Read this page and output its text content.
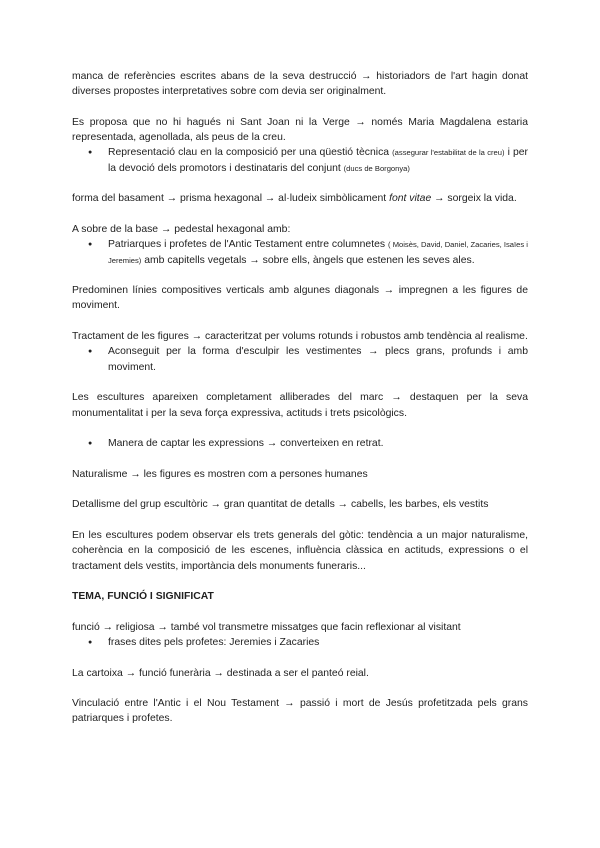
manca de referències escrites abans de la seva destrucció → historiadors de l'art hagin donat diverses propostes interpretatives sobre com devia ser originalment.

Es proposa que no hi hagués ni Sant Joan ni la Verge → només Maria Magdalena estaria representada, agenollada, als peus de la creu.

● Representació clau en la composició per una qüestió tècnica (assegurar l'estabilitat de la creu) i per la devoció dels promotors i destinataris del conjunt (ducs de Borgonya)

forma del basament → prisma hexagonal → al·ludeix simbòlicament font vitae → sorgeix la vida.

A sobre de la base → pedestal hexagonal amb:

● Patriarques i profetes de l'Antic Testament entre columnetes ( Moisès, David, Daniel, Zacaries, Isaïes i Jeremies) amb capitells vegetals → sobre ells, àngels que estenen les seves ales.

Predominen línies compositives verticals amb algunes diagonals → impregnen a les figures de moviment.

Tractament de les figures → caracteritzat per volums rotunds i robustos amb tendència al realisme.

● Aconseguit per la forma d'esculpir les vestimentes → plecs grans, profunds i amb moviment.

Les escultures apareixen completament alliberades del marc → destaquen per la seva monumentalitat i per la seva força expressiva, actituds i trets psicològics.

● Manera de captar les expressions → converteixen en retrat.

Naturalisme → les figures es mostren com a persones humanes

Detallisme del grup escultòric → gran quantitat de detalls → cabells, les barbes, els vestits

En les escultures podem observar els trets generals del gòtic: tendència a un major naturalisme, coherència en la composició de les escenes, influència clàssica en actituds, expressions o el tractament dels vestits, importància dels monuments funeraris...

TEMA, FUNCIÓ I SIGNIFICAT

funció → religiosa → també vol transmetre missatges que facin reflexionar al visitant

● frases dites pels profetes: Jeremies i Zacaries

La cartoixa → funció funerària → destinada a ser el panteó reial.

Vinculació entre l'Antic i el Nou Testament → passió i mort de Jesús profetitzada pels grans patriarques i profetes.
